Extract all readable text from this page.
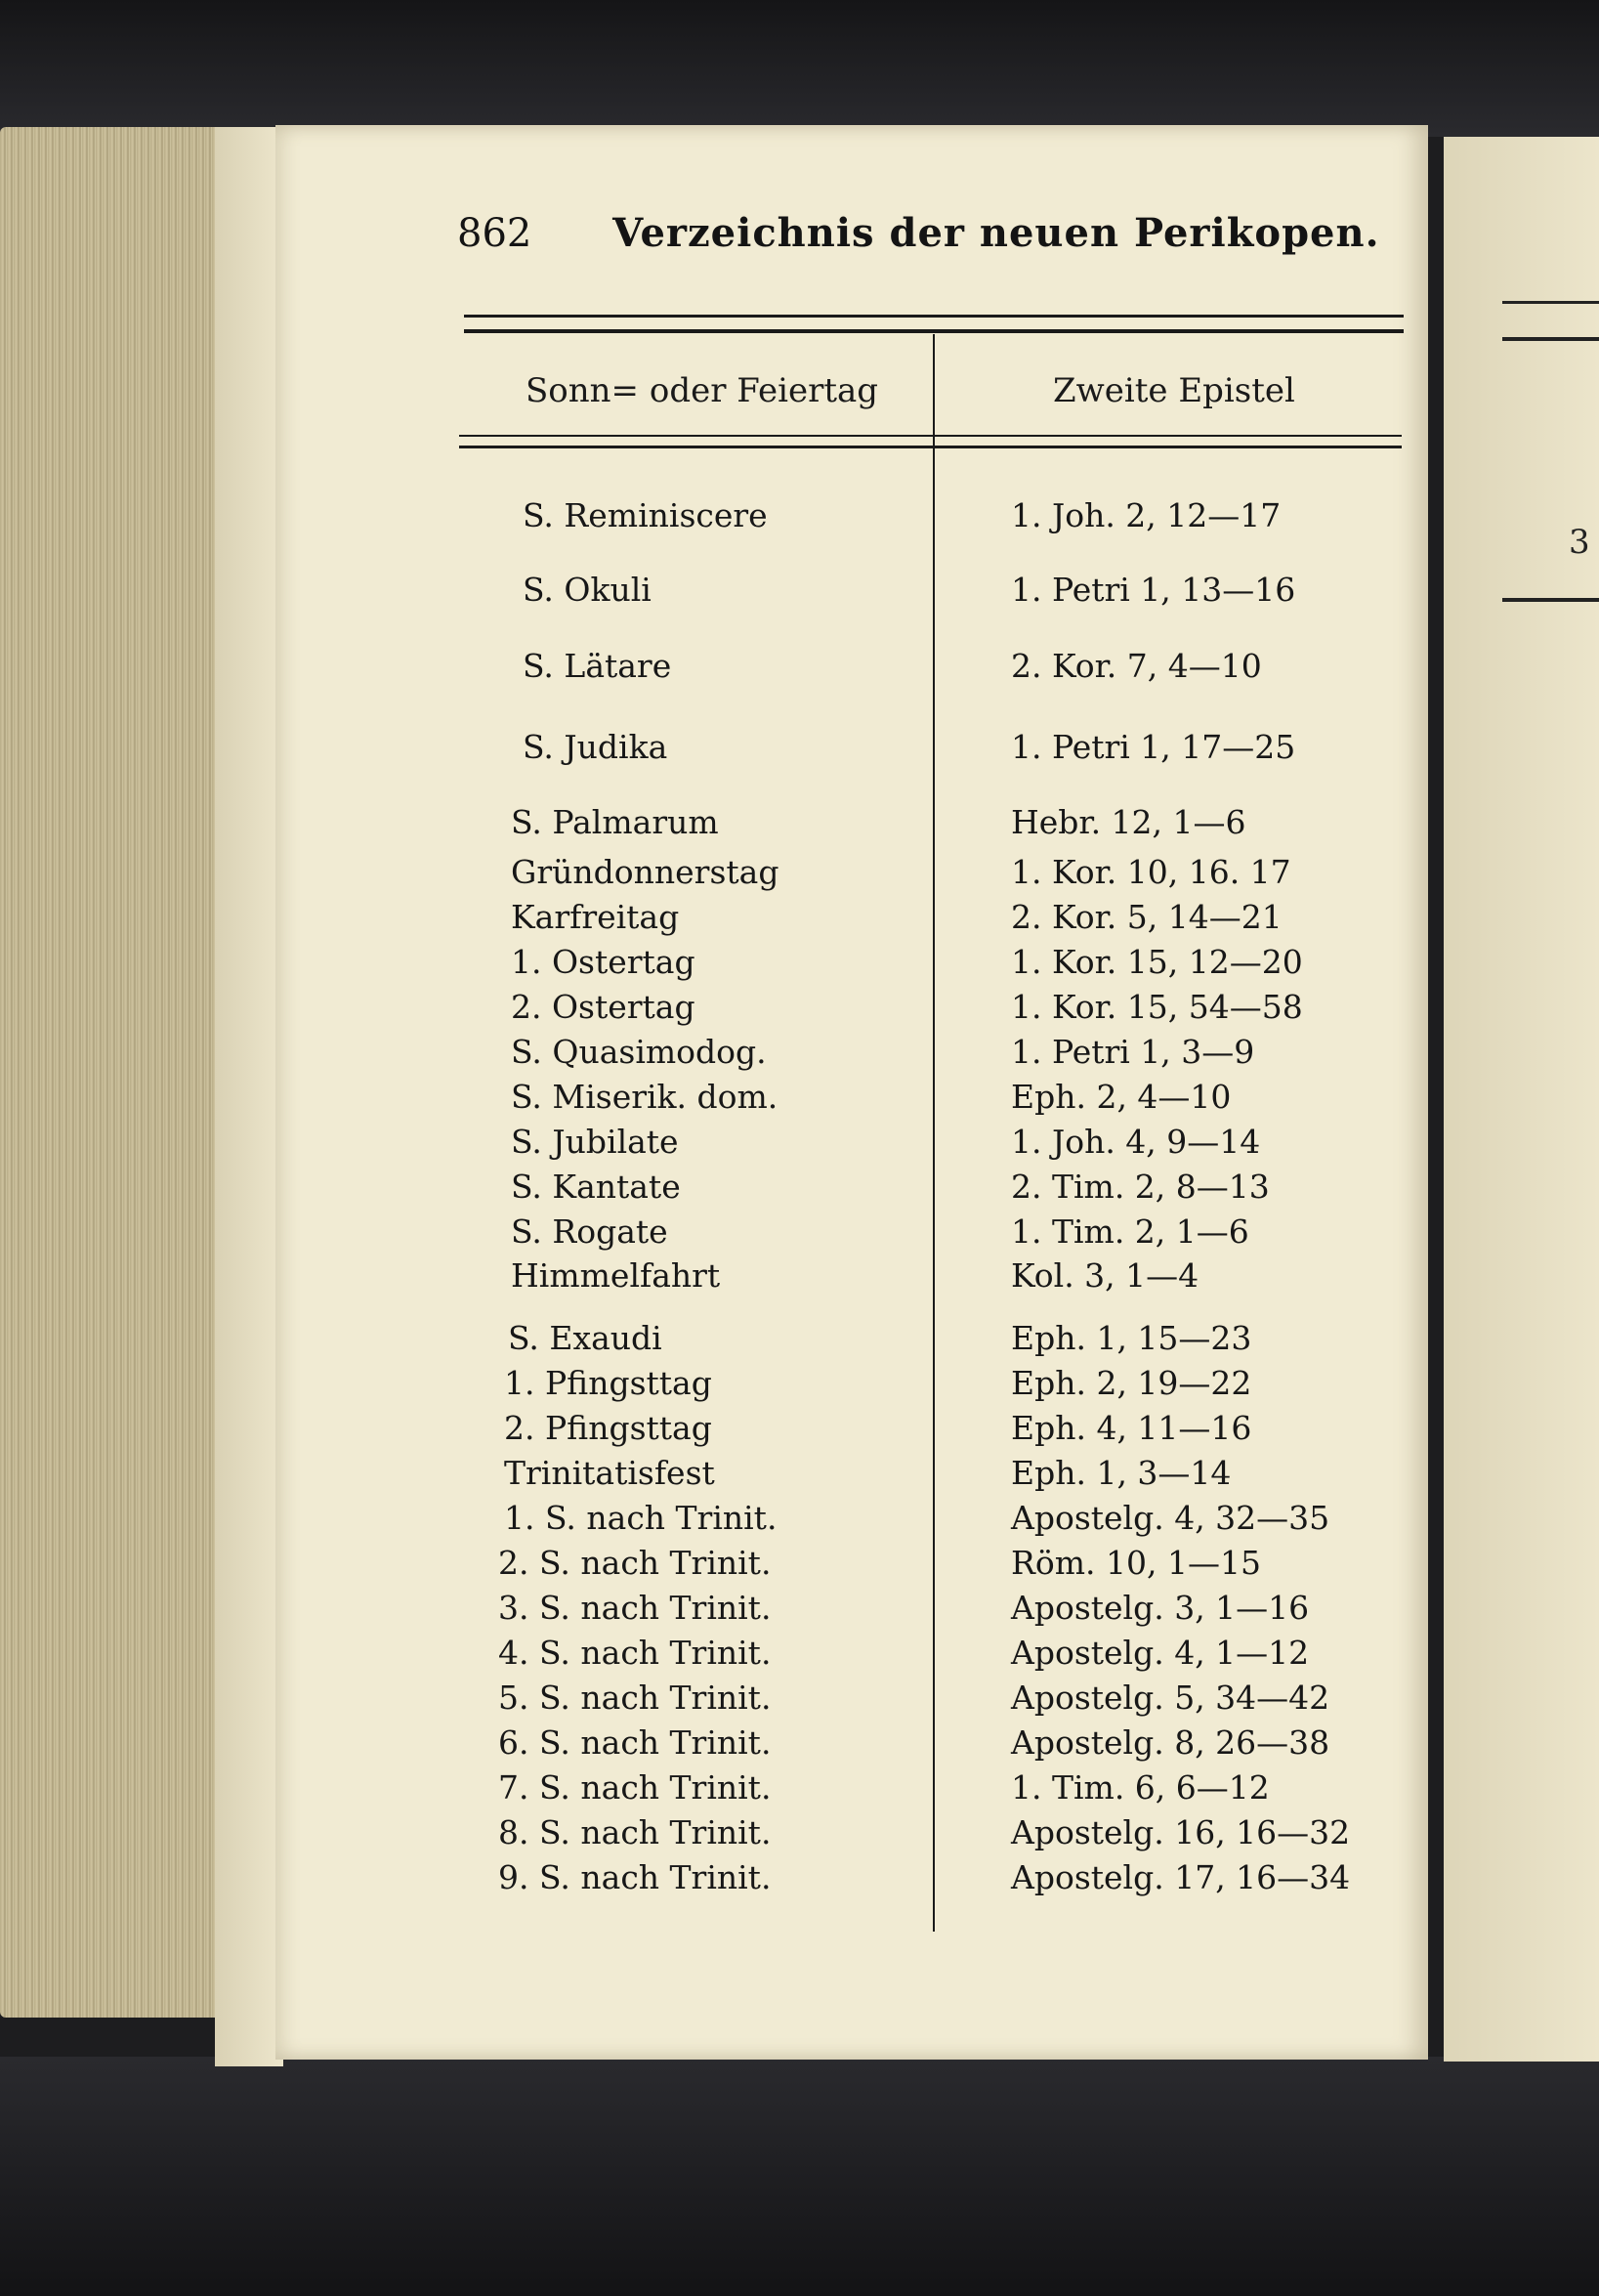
3
862 Verzeichnis der neuen Perikopen.
Sonn= oder Feiertag	Zweite Epistel
S. Reminiscere	1. Joh. 2, 12—17
S. Okuli	1. Petri 1, 13—16
S. Lätare	2. Kor. 7, 4—10
S. Judika	1. Petri 1, 17—25
S. Palmarum	Hebr. 12, 1—6
Gründonnerstag	1. Kor. 10, 16. 17
Karfreitag	2. Kor. 5, 14—21
1. Ostertag	1. Kor. 15, 12—20
2. Ostertag	1. Kor. 15, 54—58
S. Quasimodog.	1. Petri 1, 3—9
S. Miserik. dom.	Eph. 2, 4—10
S. Jubilate	1. Joh. 4, 9—14
S. Kantate	2. Tim. 2, 8—13
S. Rogate	1. Tim. 2, 1—6
Himmelfahrt	Kol. 3, 1—4
S. Exaudi	Eph. 1, 15—23
1. Pfingsttag	Eph. 2, 19—22
2. Pfingsttag	Eph. 4, 11—16
Trinitatisfest	Eph. 1, 3—14
1. S. nach Trinit.	Apostelg. 4, 32—35
2. S. nach Trinit.	Röm. 10, 1—15
3. S. nach Trinit.	Apostelg. 3, 1—16
4. S. nach Trinit.	Apostelg. 4, 1—12
5. S. nach Trinit.	Apostelg. 5, 34—42
6. S. nach Trinit.	Apostelg. 8, 26—38
7. S. nach Trinit.	1. Tim. 6, 6—12
8. S. nach Trinit.	Apostelg. 16, 16—32
9. S. nach Trinit.	Apostelg. 17, 16—34
